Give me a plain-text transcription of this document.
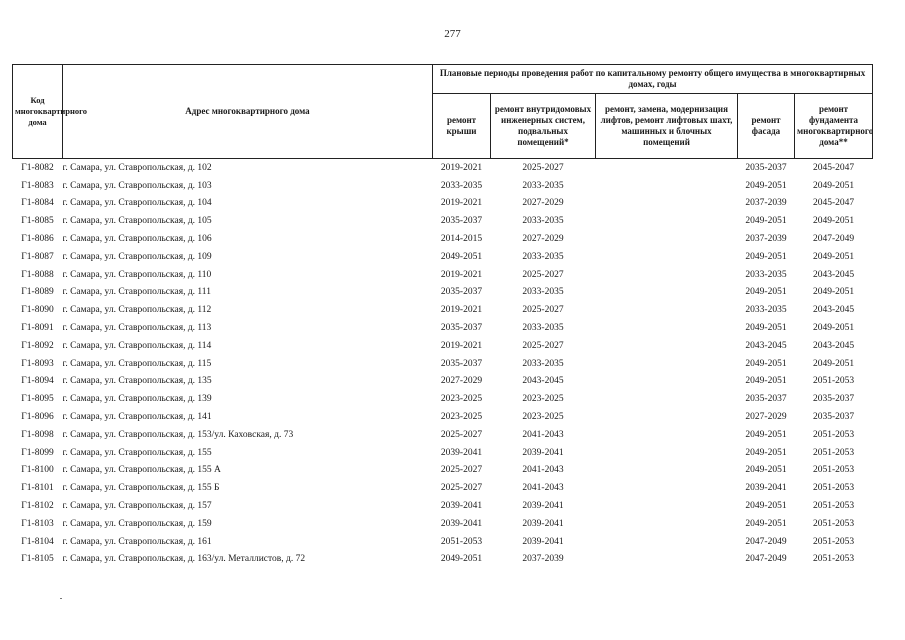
277
Код многоквартирного дома	Адрес многоквартирного дома	Плановые периоды проведения работ по капитальному ремонту общего имущества в многоквартирных домах, годы				
		ремонт крыши	ремонт внутридомовых инженерных систем, подвальных помещений*	ремонт, замена, модернизация лифтов, ремонт лифтовых шахт, машинных и блочных помещений	ремонт фасада	ремонт фундамента многоквартирного дома**
Г1-8082	г. Самара, ул. Ставропольская, д. 102	2019-2021	2025-2027		2035-2037	2045-2047
Г1-8083	г. Самара, ул. Ставропольская, д. 103	2033-2035	2033-2035		2049-2051	2049-2051
Г1-8084	г. Самара, ул. Ставропольская, д. 104	2019-2021	2027-2029		2037-2039	2045-2047
Г1-8085	г. Самара, ул. Ставропольская, д. 105	2035-2037	2033-2035		2049-2051	2049-2051
Г1-8086	г. Самара, ул. Ставропольская, д. 106	2014-2015	2027-2029		2037-2039	2047-2049
Г1-8087	г. Самара, ул. Ставропольская, д. 109	2049-2051	2033-2035		2049-2051	2049-2051
Г1-8088	г. Самара, ул. Ставропольская, д. 110	2019-2021	2025-2027		2033-2035	2043-2045
Г1-8089	г. Самара, ул. Ставропольская, д. 111	2035-2037	2033-2035		2049-2051	2049-2051
Г1-8090	г. Самара, ул. Ставропольская, д. 112	2019-2021	2025-2027		2033-2035	2043-2045
Г1-8091	г. Самара, ул. Ставропольская, д. 113	2035-2037	2033-2035		2049-2051	2049-2051
Г1-8092	г. Самара, ул. Ставропольская, д. 114	2019-2021	2025-2027		2043-2045	2043-2045
Г1-8093	г. Самара, ул. Ставропольская, д. 115	2035-2037	2033-2035		2049-2051	2049-2051
Г1-8094	г. Самара, ул. Ставропольская, д. 135	2027-2029	2043-2045		2049-2051	2051-2053
Г1-8095	г. Самара, ул. Ставропольская, д. 139	2023-2025	2023-2025		2035-2037	2035-2037
Г1-8096	г. Самара, ул. Ставропольская, д. 141	2023-2025	2023-2025		2027-2029	2035-2037
Г1-8098	г. Самара, ул. Ставропольская, д. 153/ул. Каховская, д. 73	2025-2027	2041-2043		2049-2051	2051-2053
Г1-8099	г. Самара, ул. Ставропольская, д. 155	2039-2041	2039-2041		2049-2051	2051-2053
Г1-8100	г. Самара, ул. Ставропольская, д. 155 А	2025-2027	2041-2043		2049-2051	2051-2053
Г1-8101	г. Самара, ул. Ставропольская, д. 155 Б	2025-2027	2041-2043		2039-2041	2051-2053
Г1-8102	г. Самара, ул. Ставропольская, д. 157	2039-2041	2039-2041		2049-2051	2051-2053
Г1-8103	г. Самара, ул. Ставропольская, д. 159	2039-2041	2039-2041		2049-2051	2051-2053
Г1-8104	г. Самара, ул. Ставропольская, д. 161	2051-2053	2039-2041		2047-2049	2051-2053
Г1-8105	г. Самара, ул. Ставропольская, д. 163/ул. Металлистов, д. 72	2049-2051	2037-2039		2047-2049	2051-2053
